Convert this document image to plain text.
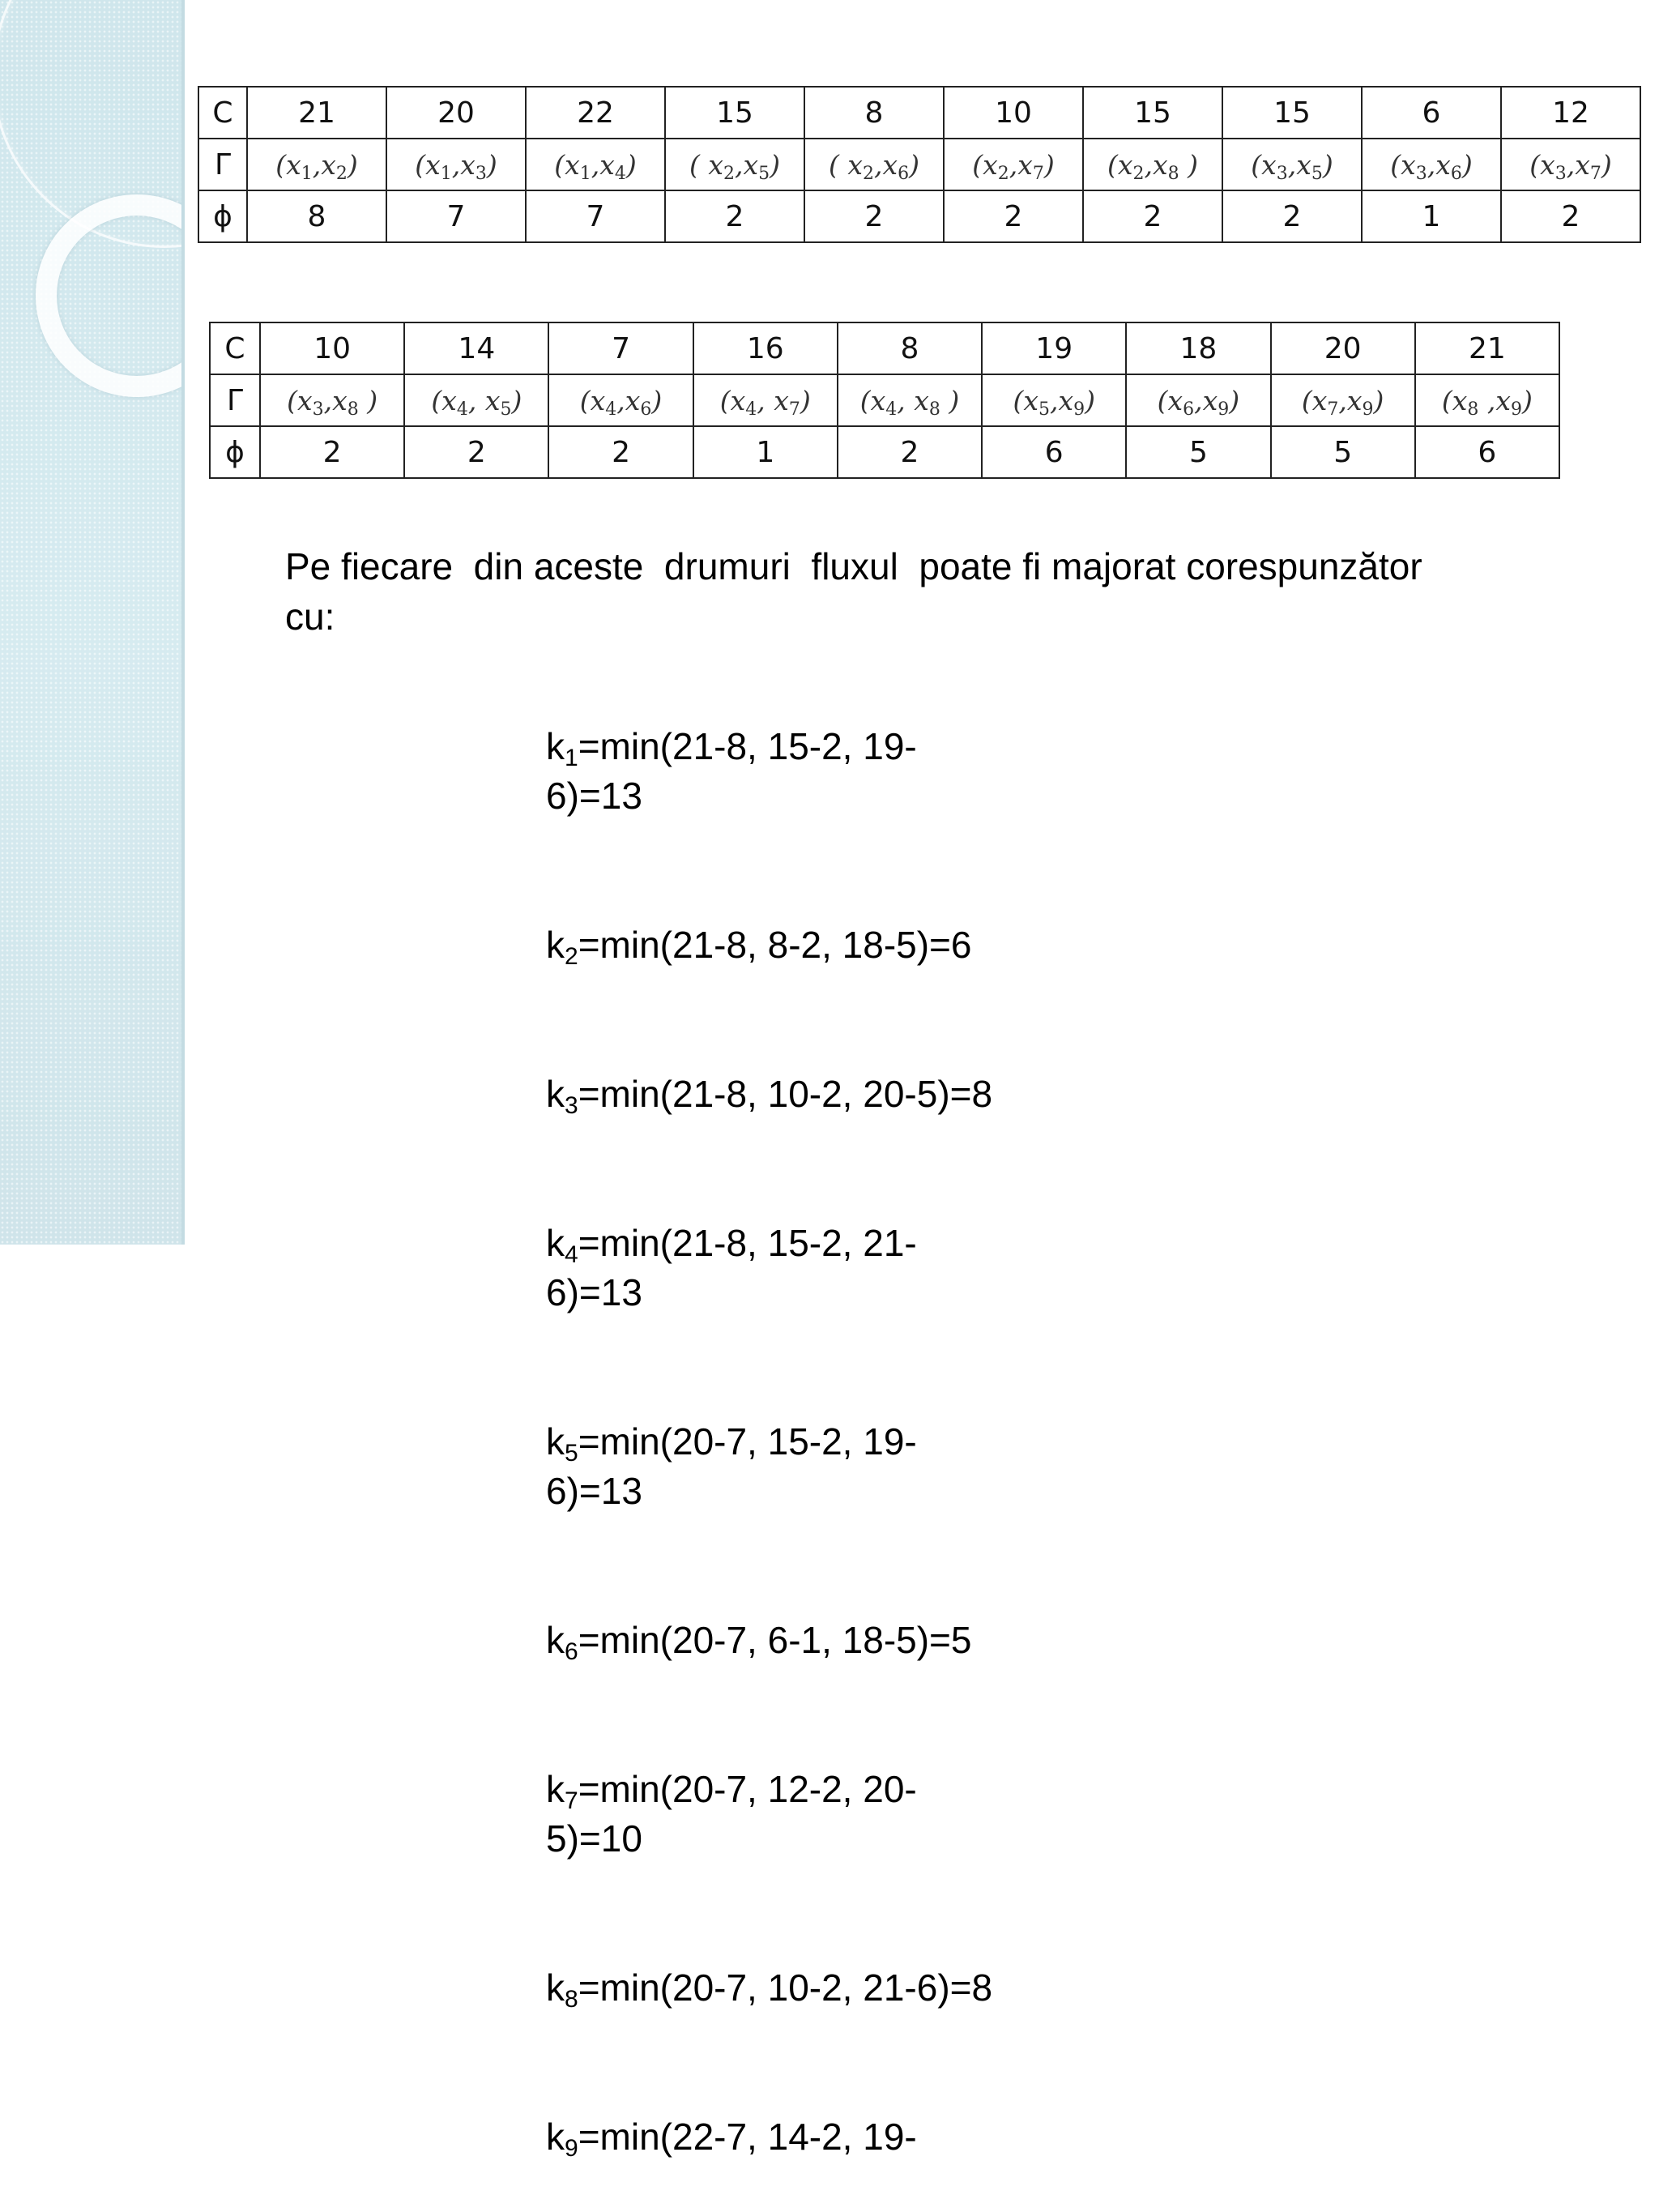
C	21	20	22	15	8	10	15	15	6	12
Γ	$(x_1,x_2)$	$(x_1,x_3)$	$(x_1,x_4)$	( $x_2,x_5$)	( $x_2,x_6$)	$(x_2,x_7)$	($x_2,x_8$ )	$(x_3,x_5)$	$(x_3,x_6)$	$(x_3,x_7)$
ϕ	8	7	7	2	2	2	2	2	1	2
C	10	14	7	16	8	19	18	20	21
Γ	($x_3,x_8$ )	($x_4$, $x_5$)	$(x_4,x_6)$	($x_4$, $x_7$)	($x_4$, $x_8$ )	$(x_5,x_9)$	$(x_6,x_9)$	$(x_7,x_9)$	($x_8$ $,x_9$)
ϕ	2	2	2	1	2	6	5	5	6
Pe fiecare  din aceste  drumuri  fluxul  poate fi majorat corespunzător
cu:

$k_1=\min(21-8$, 15-2, 19-
6)=13

$k_2=\min(21-8$, 8-2, 18-5)=6

$k_3=\min(21-8$, 10-2, 20-5)=8

$k_4=\min(21-8$, 15-2, 21-
6)=13

$k_5=\min(20-7$, 15-2, 19-
6)=13

$k_6=\min(20-7$, 6-1, 18-5)=5

$k_7=\min(20-7$, 12-2, 20-
5)=10

$k_8=\min(20-7$, 10-2, 21-6)=8

$k_9=\min(22-7$, 14-2, 19-
